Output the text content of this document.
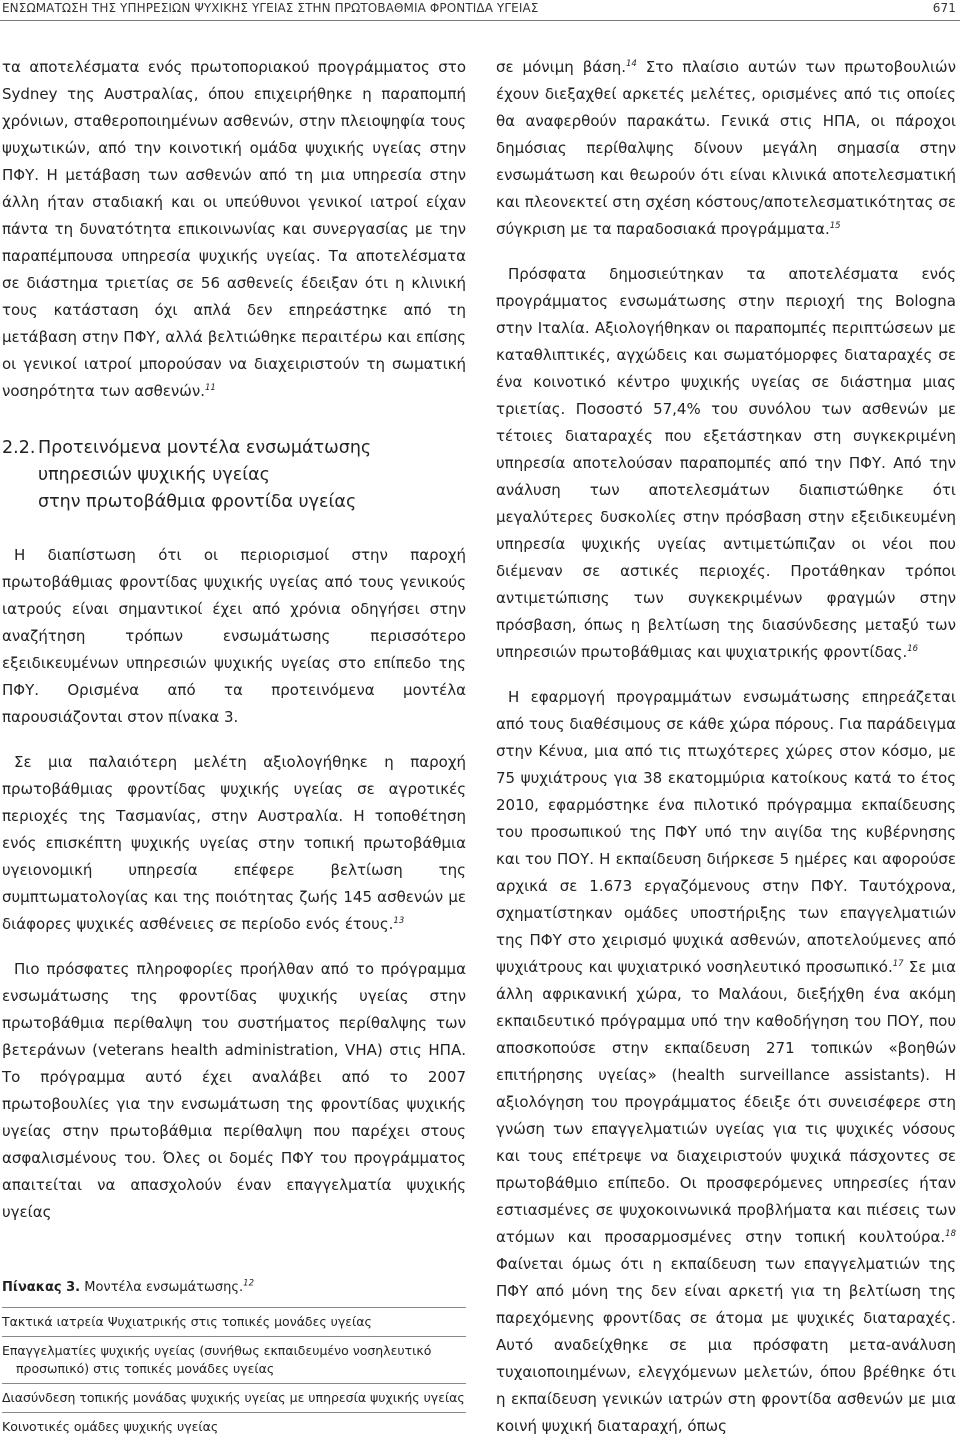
ΕΝΣΩΜΑΤΩΣΗ ΤΗΣ ΥΠΗΡΕΣΙΩΝ ΨΥΧΙΚΗΣ ΥΓΕΙΑΣ ΣΤΗΝ ΠΡΩΤΟΒΑΘΜΙΑ ΦΡΟΝΤΙΔΑ ΥΓΕΙΑΣ	671

τα αποτελέσματα ενός πρωτοποριακού προγράμματος στο Sydney της Αυστραλίας, όπου επιχειρήθηκε η παραπομπή χρόνιων, σταθεροποιημένων ασθενών, στην πλειοψηφία τους ψυχωτικών, από την κοινοτική ομάδα ψυχικής υγείας στην ΠΦΥ. Η μετάβαση των ασθενών από τη μια υπηρεσία στην άλλη ήταν σταδιακή και οι υπεύθυνοι γενικοί ιατροί είχαν πάντα τη δυνατότητα επικοινωνίας και συνεργασίας με την παραπέμπουσα υπηρεσία ψυχικής υγείας. Τα αποτελέσματα σε διάστημα τριετίας σε 56 ασθενείς έδειξαν ότι η κλινική τους κατάσταση όχι απλά δεν επηρεάστηκε από τη μετάβαση στην ΠΦΥ, αλλά βελτιώθηκε περαιτέρω και επίσης οι γενικοί ιατροί μπορούσαν να διαχειριστούν τη σωματική νοσηρότητα των ασθενών.$^{11}$

2.2. Προτεινόμενα μοντέλα ενσωμάτωσης
υπηρεσιών ψυχικής υγείας
στην πρωτοβάθμια φροντίδα υγείας

Η διαπίστωση ότι οι περιορισμοί στην παροχή πρωτοβάθμιας φροντίδας ψυχικής υγείας από τους γενικούς ιατρούς είναι σημαντικοί έχει από χρόνια οδηγήσει στην αναζήτηση τρόπων ενσωμάτωσης περισσότερο εξειδικευμένων υπηρεσιών ψυχικής υγείας στο επίπεδο της ΠΦΥ. Ορισμένα από τα προτεινόμενα μοντέλα παρουσιάζονται στον πίνακα 3.

Σε μια παλαιότερη μελέτη αξιολογήθηκε η παροχή πρωτοβάθμιας φροντίδας ψυχικής υγείας σε αγροτικές περιοχές της Τασμανίας, στην Αυστραλία. Η τοποθέτηση ενός επισκέπτη ψυχικής υγείας στην τοπική πρωτοβάθμια υγειονομική υπηρεσία επέφερε βελτίωση της συμπτωματολογίας και της ποιότητας ζωής 145 ασθενών με διάφορες ψυχικές ασθένειες σε περίοδο ενός έτους.$^{13}$

Πιο πρόσφατες πληροφορίες προήλθαν από το πρόγραμμα ενσωμάτωσης της φροντίδας ψυχικής υγείας στην πρωτοβάθμια περίθαλψη του συστήματος περίθαλψης των βετεράνων (veterans health administration, VHA) στις ΗΠΑ. Το πρόγραμμα αυτό έχει αναλάβει από το 2007 πρωτοβουλίες για την ενσωμάτωση της φροντίδας ψυχικής υγείας στην πρωτοβάθμια περίθαλψη που παρέχει στους ασφαλισμένους του. Όλες οι δομές ΠΦΥ του προγράμματος απαιτείται να απασχολούν έναν επαγγελματία ψυχικής υγείας

Πίνακας 3. Μοντέλα ενσωμάτωσης.$^{12}$
Τακτικά ιατρεία Ψυχιατρικής στις τοπικές μονάδες υγείας
Επαγγελματίες ψυχικής υγείας (συνήθως εκπαιδευμένο νοσηλευτικό
προσωπικό) στις τοπικές μονάδες υγείας
Διασύνδεση τοπικής μονάδας ψυχικής υγείας με υπηρεσία ψυχικής υγείας
Κοινοτικές ομάδες ψυχικής υγείας

σε μόνιμη βάση.$^{14}$ Στο πλαίσιο αυτών των πρωτοβουλιών έχουν διεξαχθεί αρκετές μελέτες, ορισμένες από τις οποίες θα αναφερθούν παρακάτω. Γενικά στις ΗΠΑ, οι πάροχοι δημόσιας περίθαλψης δίνουν μεγάλη σημασία στην ενσωμάτωση και θεωρούν ότι είναι κλινικά αποτελεσματική και πλεονεκτεί στη σχέση κόστους/αποτελεσματικότητας σε σύγκριση με τα παραδοσιακά προγράμματα.$^{15}$

Πρόσφατα δημοσιεύτηκαν τα αποτελέσματα ενός προγράμματος ενσωμάτωσης στην περιοχή της Bologna στην Ιταλία. Αξιολογήθηκαν οι παραπομπές περιπτώσεων με καταθλιπτικές, αγχώδεις και σωματόμορφες διαταραχές σε ένα κοινοτικό κέντρο ψυχικής υγείας σε διάστημα μιας τριετίας. Ποσοστό 57,4% του συνόλου των ασθενών με τέτοιες διαταραχές που εξετάστηκαν στη συγκεκριμένη υπηρεσία αποτελούσαν παραπομπές από την ΠΦΥ. Από την ανάλυση των αποτελεσμάτων διαπιστώθηκε ότι μεγαλύτερες δυσκολίες στην πρόσβαση στην εξειδικευμένη υπηρεσία ψυχικής υγείας αντιμετώπιζαν οι νέοι που διέμεναν σε αστικές περιοχές. Προτάθηκαν τρόποι αντιμετώπισης των συγκεκριμένων φραγμών στην πρόσβαση, όπως η βελτίωση της διασύνδεσης μεταξύ των υπηρεσιών πρωτοβάθμιας και ψυχιατρικής φροντίδας.$^{16}$

Η εφαρμογή προγραμμάτων ενσωμάτωσης επηρεάζεται από τους διαθέσιμους σε κάθε χώρα πόρους. Για παράδειγμα στην Κένυα, μια από τις πτωχότερες χώρες στον κόσμο, με 75 ψυχιάτρους για 38 εκατομμύρια κατοίκους κατά το έτος 2010, εφαρμόστηκε ένα πιλοτικό πρόγραμμα εκπαίδευσης του προσωπικού της ΠΦΥ υπό την αιγίδα της κυβέρνησης και του ΠΟΥ. Η εκπαίδευση διήρκεσε 5 ημέρες και αφορούσε αρχικά σε 1.673 εργαζόμενους στην ΠΦΥ. Ταυτόχρονα, σχηματίστηκαν ομάδες υποστήριξης των επαγγελματιών της ΠΦΥ στο χειρισμό ψυχικά ασθενών, αποτελούμενες από ψυχιάτρους και ψυχιατρικό νοσηλευτικό προσωπικό.$^{17}$ Σε μια άλλη αφρικανική χώρα, το Μαλάουι, διεξήχθη ένα ακόμη εκπαιδευτικό πρόγραμμα υπό την καθοδήγηση του ΠΟΥ, που αποσκοπούσε στην εκπαίδευση 271 τοπικών «βοηθών επιτήρησης υγείας» (health surveillance assistants). Η αξιολόγηση του προγράμματος έδειξε ότι συνεισέφερε στη γνώση των επαγγελματιών υγείας για τις ψυχικές νόσους και τους επέτρεψε να διαχειριστούν ψυχικά πάσχοντες σε πρωτοβάθμιο επίπεδο. Οι προσφερόμενες υπηρεσίες ήταν εστιασμένες σε ψυχοκοινωνικά προβλήματα και πιέσεις των ατόμων και προσαρμοσμένες στην τοπική κουλτούρα.$^{18}$ Φαίνεται όμως ότι η εκπαίδευση των επαγγελματιών της ΠΦΥ από μόνη της δεν είναι αρκετή για τη βελτίωση της παρεχόμενης φροντίδας σε άτομα με ψυχικές διαταραχές. Αυτό αναδείχθηκε σε μια πρόσφατη μετα-ανάλυση τυχαιοποιημένων, ελεγχόμενων μελετών, όπου βρέθηκε ότι η εκπαίδευση γενικών ιατρών στη φροντίδα ασθενών με μια κοινή ψυχική διαταραχή, όπως
